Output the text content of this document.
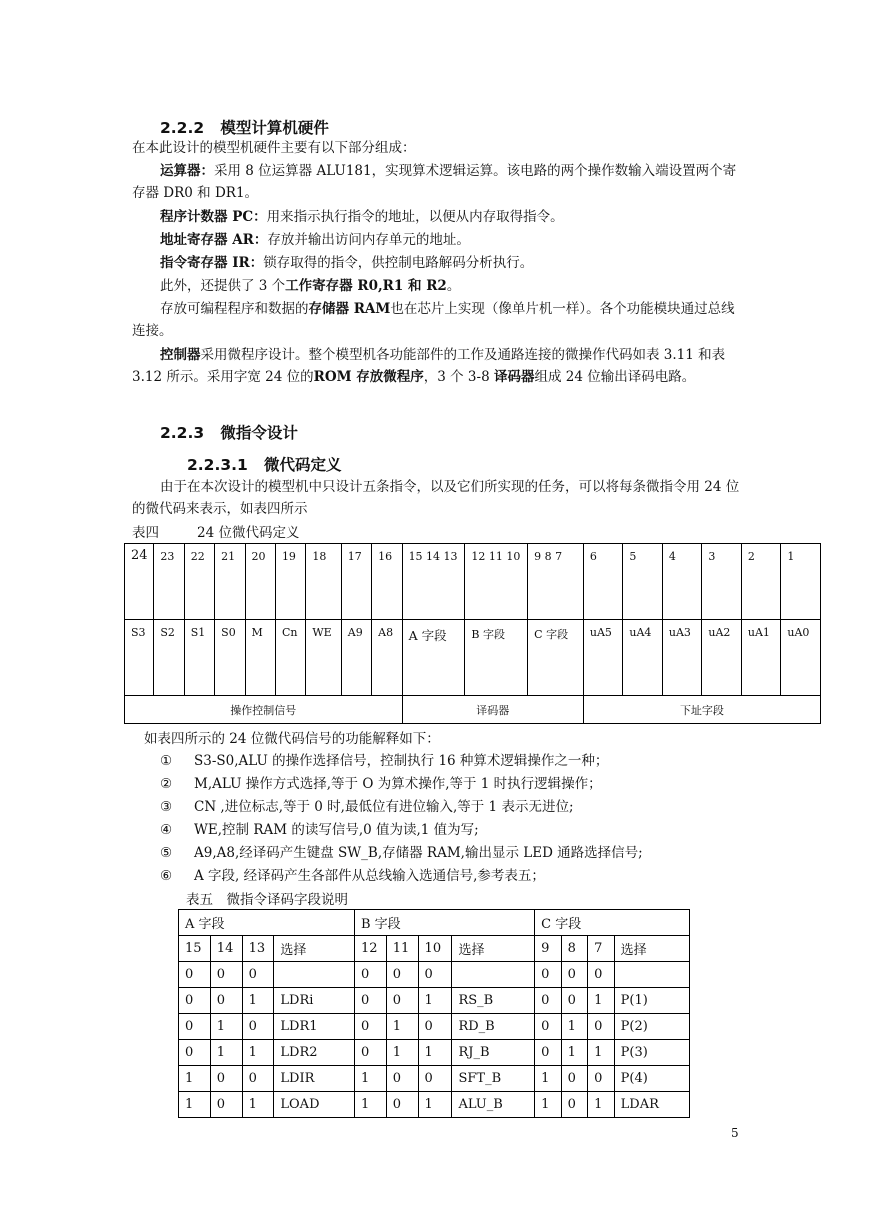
2.2.2 模型计算机硬件
在本此设计的模型机硬件主要有以下部分组成：
运算器：采用 8 位运算器 ALU181，实现算术逻辑运算。该电路的两个操作数输入端设置两个寄存器 DR0 和 DR1。
程序计数器 PC：用来指示执行指令的地址，以便从内存取得指令。
地址寄存器 AR：存放并输出访问内存单元的地址。
指令寄存器 IR：锁存取得的指令，供控制电路解码分析执行。
此外，还提供了 3 个工作寄存器 R0,R1 和 R2。
存放可编程程序和数据的存储器 RAM也在芯片上实现（像单片机一样）。各个功能模块通过总线连接。
控制器采用微程序设计。整个模型机各功能部件的工作及通路连接的微操作代码如表 3.11 和表 3.12 所示。采用字宽 24 位的ROM 存放微程序，3 个 3-8 译码器组成 24 位输出译码电路。
2.2.3 微指令设计
2.2.3.1 微代码定义
由于在本次设计的模型机中只设计五条指令，以及它们所实现的任务，可以将每条微指令用 24 位的微代码来表示，如表四所示
表四	24 位微代码定义
24	23	22	21	20	19	18	17	16	15 14 13	12 11 10	9 8 7	6	5	4	3	2	1
S3	S2	S1	S0	M	Cn	WE	A9	A8	A 字段	B 字段	C 字段	uA5	uA4	uA3	uA2	uA1	uA0
操作控制信号									译码器			下址字段					
如表四所示的 24 位微代码信号的功能解释如下：
① S3-S0,ALU 的操作选择信号，控制执行 16 种算术逻辑操作之一种；
② M,ALU 操作方式选择,等于 O 为算术操作,等于 1 时执行逻辑操作；
③ CN ,进位标志,等于 0 时,最低位有进位输入,等于 1 表示无进位;
④ WE,控制 RAM 的读写信号,0 值为读,1 值为写;
⑤ A9,A8,经译码产生键盘 SW_B,存储器 RAM,输出显示 LED 通路选择信号;
⑥ A 字段, 经译码产生各部件从总线输入选通信号,参考表五；
表五　微指令译码字段说明
A 字段				B 字段				C 字段			
15	14	13	选择	12	11	10	选择	9	8	7	选择
0	0	0		0	0	0		0	0	0	
0	0	1	LDRi	0	0	1	RS_B	0	0	1	P(1)
0	1	0	LDR1	0	1	0	RD_B	0	1	0	P(2)
0	1	1	LDR2	0	1	1	RJ_B	0	1	1	P(3)
1	0	0	LDIR	1	0	0	SFT_B	1	0	0	P(4)
1	0	1	LOAD	1	0	1	ALU_B	1	0	1	LDAR
5
